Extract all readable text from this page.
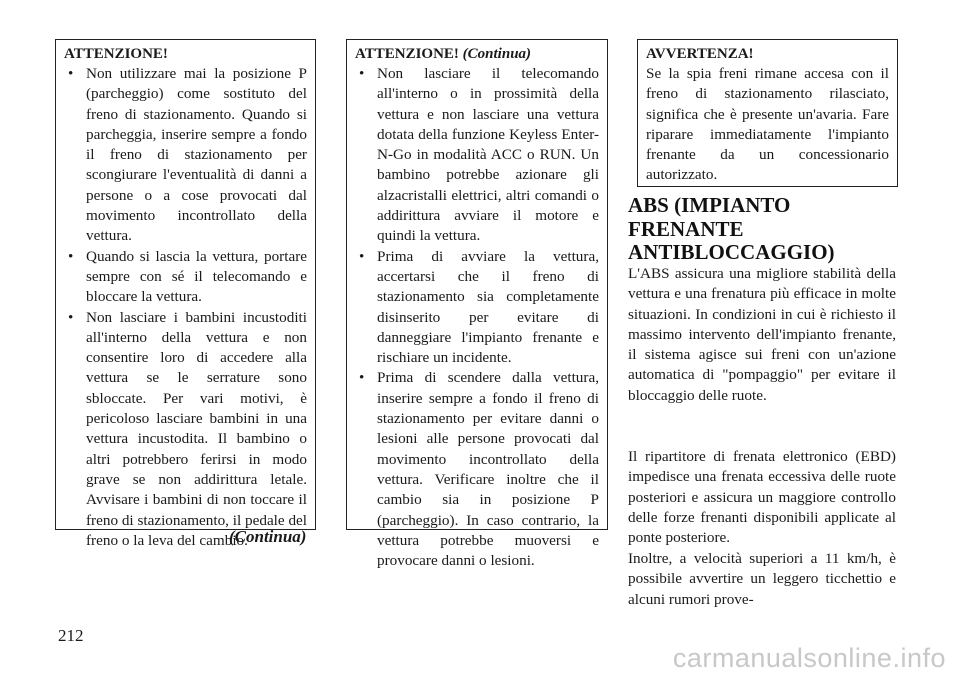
ATTENZIONE!
• Non utilizzare mai la posizione P (parcheggio) come sostituto del freno di stazionamento. Quando si parcheggia, inserire sempre a fondo il freno di stazionamento per scongiurare l'eventualità di danni a persone o a cose provocati dal movimento incontrollato della vettura.
• Quando si lascia la vettura, portare sempre con sé il telecomando e bloccare la vettura.
• Non lasciare i bambini incustoditi all'interno della vettura e non consentire loro di accedere alla vettura se le serrature sono sbloccate. Per vari motivi, è pericoloso lasciare bambini in una vettura incustodita. Il bambino o altri potrebbero ferirsi in modo grave se non addirittura letale. Avvisare i bambini di non toccare il freno di stazionamento, il pedale del freno o la leva del cambio.
(Continua)
ATTENZIONE! (Continua)
• Non lasciare il telecomando all'interno o in prossimità della vettura e non lasciare una vettura dotata della funzione Keyless Enter-N-Go in modalità ACC o RUN. Un bambino potrebbe azionare gli alzacristalli elettrici, altri comandi o addirittura avviare il motore e quindi la vettura.
• Prima di avviare la vettura, accertarsi che il freno di stazionamento sia completamente disinserito per evitare di danneggiare l'impianto frenante e rischiare un incidente.
• Prima di scendere dalla vettura, inserire sempre a fondo il freno di stazionamento per evitare danni o lesioni alle persone provocati dal movimento incontrollato della vettura. Verificare inoltre che il cambio sia in posizione P (parcheggio). In caso contrario, la vettura potrebbe muoversi e provocare danni o lesioni.
AVVERTENZA!

Se la spia freni rimane accesa con il freno di stazionamento rilasciato, significa che è presente un'avaria. Fare riparare immediatamente l'impianto frenante da un concessionario autorizzato.

ABS (IMPIANTO FRENANTE ANTIBLOCCAGGIO)

L'ABS assicura una migliore stabilità della vettura e una frenatura più efficace in molte situazioni. In condizioni in cui è richiesto il massimo intervento dell'impianto frenante, il sistema agisce sui freni con un'azione automatica di "pompaggio" per evitare il bloccaggio delle ruote.

Il ripartitore di frenata elettronico (EBD) impedisce una frenata eccessiva delle ruote posteriori e assicura un maggiore controllo delle forze frenanti disponibili applicate al ponte posteriore.

Inoltre, a velocità superiori a 11 km/h, è possibile avvertire un leggero ticchettio e alcuni rumori prove-

212
carmanualsonline.info
